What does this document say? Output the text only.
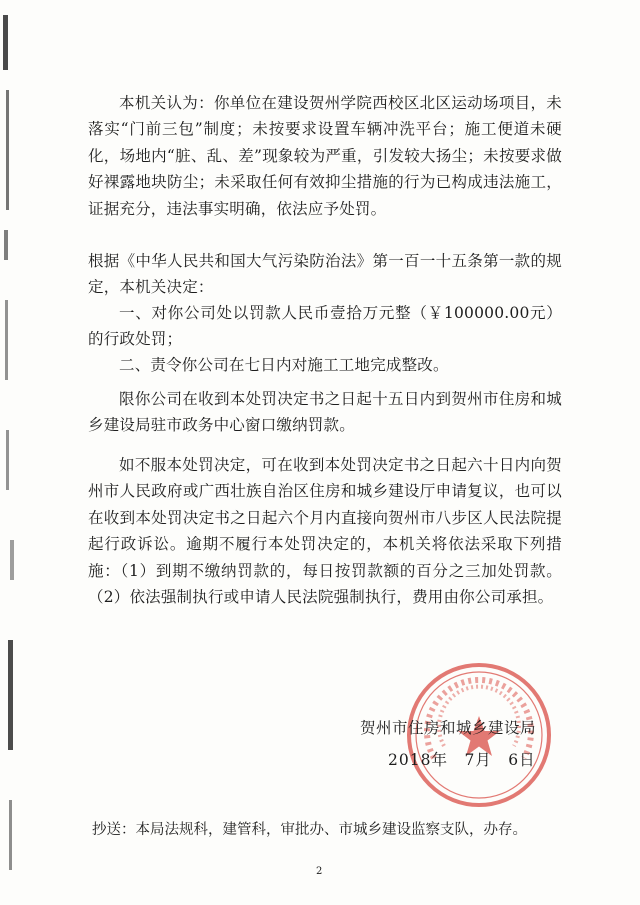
本机关认为：你单位在建设贺州学院西校区北区运动场项目，未落实“门前三包”制度；未按要求设置车辆冲洗平台；施工便道未硬化，场地内“脏、乱、差”现象较为严重，引发较大扬尘；未按要求做好裸露地块防尘；未采取任何有效抑尘措施的行为已构成违法施工，证据充分，违法事实明确，依法应予处罚。

根据《中华人民共和国大气污染防治法》第一百一十五条第一款的规定，本机关决定：

一、对你公司处以罚款人民币壹拾万元整（￥100000.00元）的行政处罚；

二、责令你公司在七日内对施工工地完成整改。

限你公司在收到本处罚决定书之日起十五日内到贺州市住房和城乡建设局驻市政务中心窗口缴纳罚款。

如不服本处罚决定，可在收到本处罚决定书之日起六十日内向贺州市人民政府或广西壮族自治区住房和城乡建设厅申请复议，也可以在收到本处罚决定书之日起六个月内直接向贺州市八步区人民法院提起行政诉讼。逾期不履行本处罚决定的，本机关将依法采取下列措施：（1）到期不缴纳罚款的，每日按罚款额的百分之三加处罚款。（2）依法强制执行或申请人民法院强制执行，费用由你公司承担。

贺州市住房和城乡建设局
2018年　7月　6日
抄送：本局法规科，建管科，审批办、市城乡建设监察支队，办存。
2
